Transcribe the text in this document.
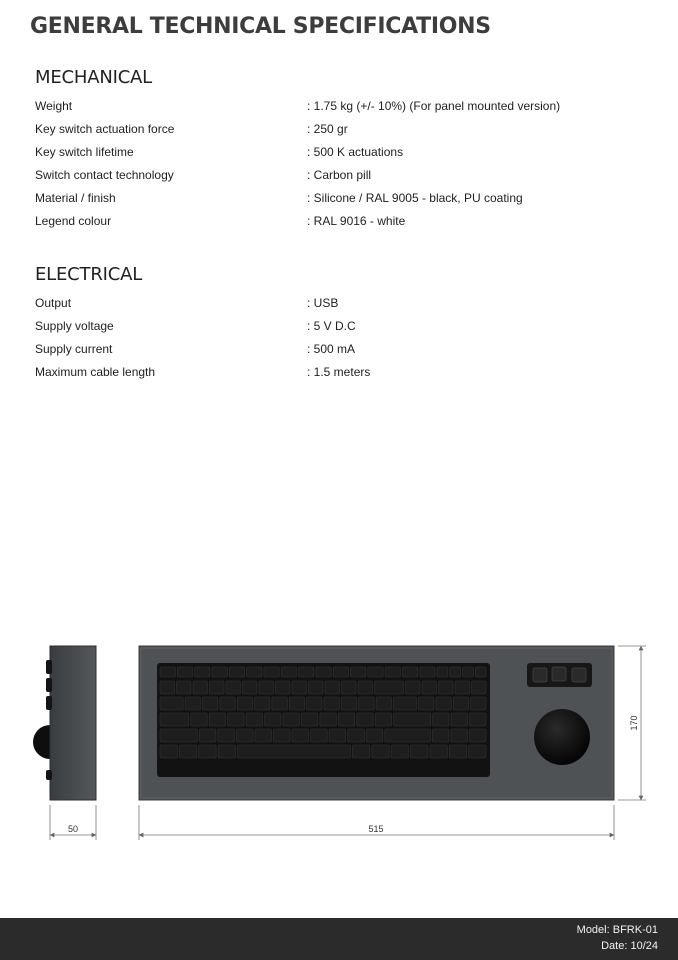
GENERAL TECHNICAL SPECIFICATIONS
MECHANICAL
Weight	: 1.75 kg (+/- 10%) (For panel mounted version)
Key switch actuation force	: 250 gr
Key switch lifetime	: 500 K actuations
Switch contact technology	: Carbon pill
Material / finish	: Silicone / RAL 9005 - black, PU coating
Legend colour	: RAL 9016 - white
ELECTRICAL
Output	: USB
Supply voltage	: 5 V D.C
Supply current	: 500 mA
Maximum cable length	: 1.5 meters
50	515
170
Model: BFRK-01
Date: 10/24
